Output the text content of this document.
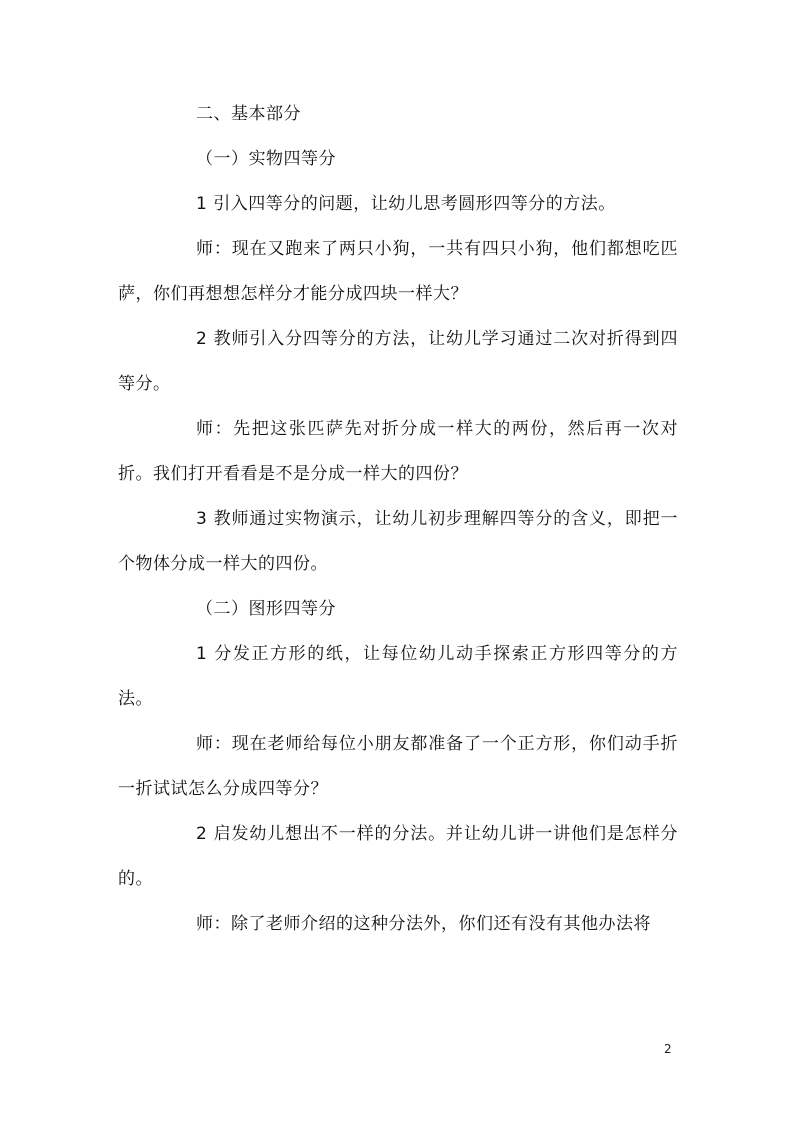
二、基本部分

（一）实物四等分

1 引入四等分的问题，让幼儿思考圆形四等分的方法。

师：现在又跑来了两只小狗，一共有四只小狗，他们都想吃匹萨，你们再想想怎样分才能分成四块一样大？

2 教师引入分四等分的方法，让幼儿学习通过二次对折得到四等分。

师：先把这张匹萨先对折分成一样大的两份，然后再一次对折。我们打开看看是不是分成一样大的四份？

3 教师通过实物演示，让幼儿初步理解四等分的含义，即把一个物体分成一样大的四份。

（二）图形四等分

1 分发正方形的纸，让每位幼儿动手探索正方形四等分的方法。

师：现在老师给每位小朋友都准备了一个正方形，你们动手折一折试试怎么分成四等分？

2 启发幼儿想出不一样的分法。并让幼儿讲一讲他们是怎样分的。

师：除了老师介绍的这种分法外，你们还有没有其他办法将

2
